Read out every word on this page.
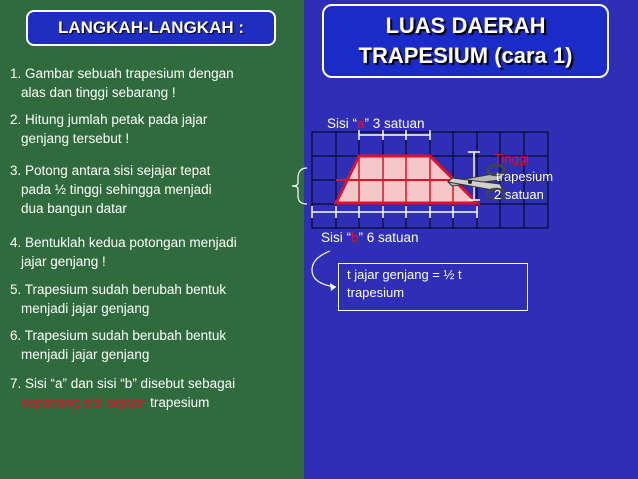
LANGKAH-LANGKAH :	LUAS DAERAH
TRAPESIUM (cara 1)
1. Gambar sebuah trapesium dengan
alas dan tinggi sebarang !
2. Hitung jumlah petak pada jajar
genjang tersebut !
3. Potong antara sisi sejajar tepat
pada ½ tinggi sehingga menjadi
dua bangun datar
4. Bentuklah kedua potongan menjadi
jajar genjang !
5. Trapesium sudah berubah bentuk
menjadi jajar genjang
6. Trapesium sudah berubah bentuk
menjadi jajar genjang
7. Sisi “a” dan sisi “b” disebut sebagai
sepasang sisi sejajar trapesium
Sisi “a” 3 satuan
Sisi “b” 6 satuan
Tinggi
trapesium
2 satuan
t jajar genjang = ½ t
trapesium
